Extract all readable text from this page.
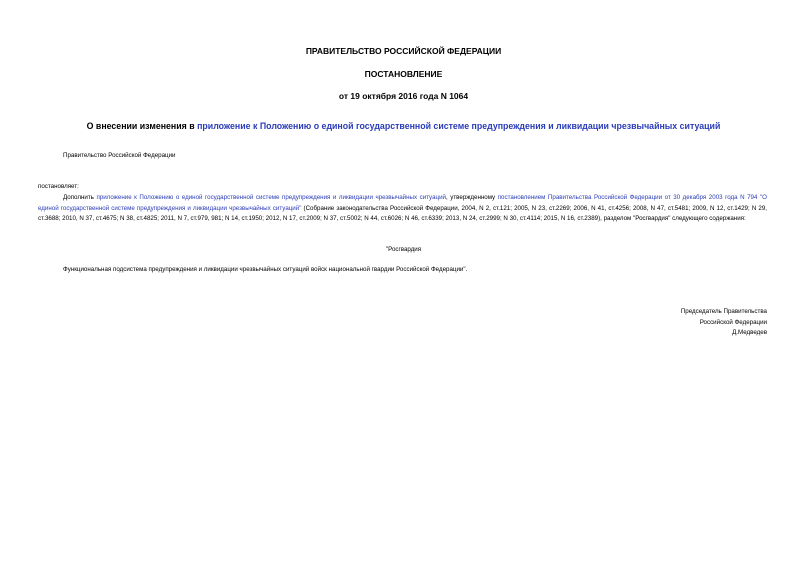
ПРАВИТЕЛЬСТВО РОССИЙСКОЙ ФЕДЕРАЦИИ
ПОСТАНОВЛЕНИЕ
от 19 октября 2016 года N 1064
О внесении изменения в приложение к Положению о единой государственной системе предупреждения и ликвидации чрезвычайных ситуаций
Правительство Российской Федерации
постановляет:
Дополнить приложение к Положению о единой государственной системе предупреждения и ликвидации чрезвычайных ситуаций, утвержденному постановлением Правительства Российской Федерации от 30 декабря 2003 года N 794 "О единой государственной системе предупреждения и ликвидации чрезвычайных ситуаций" (Собрание законодательства Российской Федерации, 2004, N 2, ст.121; 2005, N 23, ст.2269; 2006, N 41, ст.4256; 2008, N 47, ст.5481; 2009, N 12, ст.1429; N 29, ст.3688; 2010, N 37, ст.4675; N 38, ст.4825; 2011, N 7, ст.979, 981; N 14, ст.1950; 2012, N 17, ст.2009; N 37, ст.5002; N 44, ст.6026; N 46, ст.6339; 2013, N 24, ст.2999; N 30, ст.4114; 2015, N 16, ст.2389), разделом "Росгвардия" следующего содержания:
"Росгвардия
Функциональная подсистема предупреждения и ликвидации чрезвычайных ситуаций войск национальной гвардии Российской Федерации".
Председатель Правительства
Российской Федерации
Д.Медведев
